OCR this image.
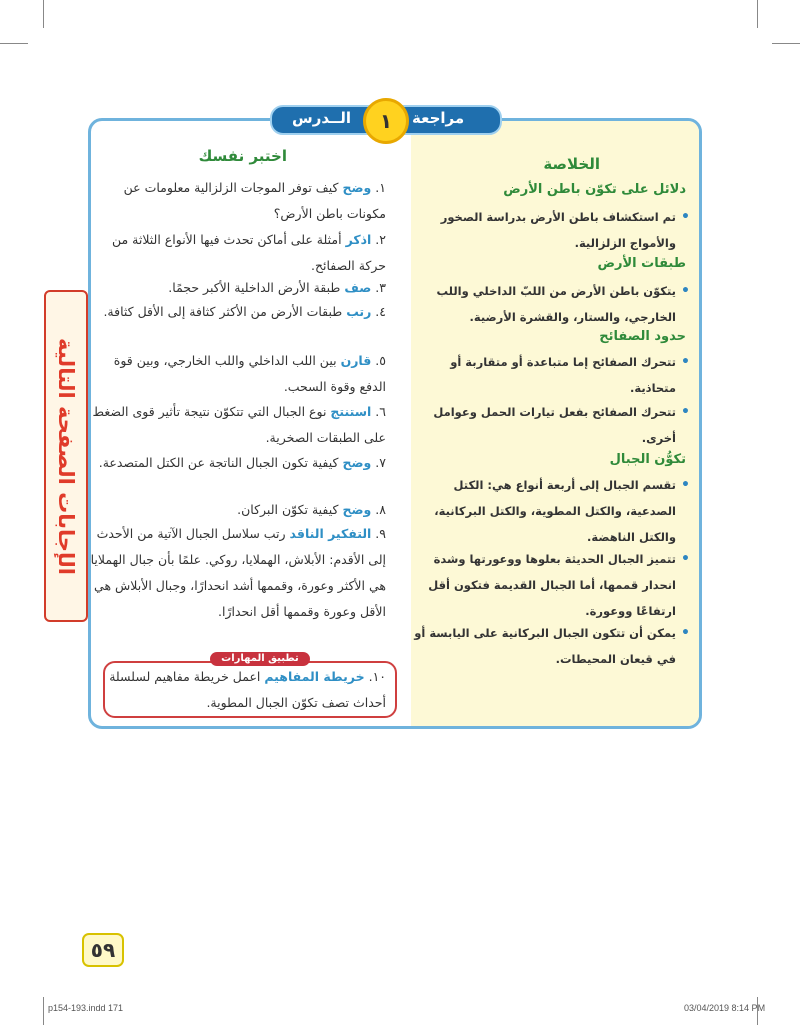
الإجابات الصفحة التالية
مراجعة
الــدرس	١
الخلاصة
دلائل على تكوّن باطن الأرض
• تم استكشاف باطن الأرض بدراسة الصخور والأمواج الزلزالية.
طبقات الأرض
• يتكوّن باطن الأرض من اللبّ الداخلي واللب الخارجي، والستار، والقشرة الأرضية.
حدود الصفائح
• تتحرك الصفائح إما متباعدة أو متقاربة أو متحاذية.
• تتحرك الصفائح بفعل تيارات الحمل وعوامل أخرى.
تكوُّن الجبال
• تقسم الجبال إلى أربعة أنواع هي: الكتل الصدعية، والكتل المطوية، والكتل البركانية، والكتل الناهضة.
• تتميز الجبال الحديثة بعلوها ووعورتها وشدة انحدار قممها، أما الجبال القديمة فتكون أقل ارتفاعًا ووعورة.
• يمكن أن تتكون الجبال البركانية على اليابسة أو في قيعان المحيطات.
اختبر نفسك
١. وضح كيف توفر الموجات الزلزالية معلومات عن مكونات باطن الأرض؟
٢. اذكر أمثلة على أماكن تحدث فيها الأنواع الثلاثة من حركة الصفائح.
٣. صف طبقة الأرض الداخلية الأكبر حجمًا.
٤. رتب طبقات الأرض من الأكثر كثافة إلى الأقل كثافة.
٥. قارن بين اللب الداخلي واللب الخارجي، وبين قوة الدفع وقوة السحب.
٦. استنتج نوع الجبال التي تتكوّن نتيجة تأثير قوى الضغط على الطبقات الصخرية.
٧. وضح كيفية تكون الجبال الناتجة عن الكتل المتصدعة.
٨. وضح كيفية تكوّن البركان.
٩. التفكير الناقد رتب سلاسل الجبال الآتية من الأحدث إلى الأقدم: الأبلاش، الهملايا، روكي. علمًا بأن جبال الهملايا هي الأكثر وعورة، وقممها أشد انحدارًا، وجبال الأبلاش هي الأقل وعورة وقممها أقل انحدارًا.
تطبيق المهارات
١٠. خريطة المفاهيم اعمل خريطة مفاهيم لسلسلة أحداث تصف تكوّن الجبال المطوية.
٥٩
p154-193.indd 171	03/04/2019 8:14 PM
